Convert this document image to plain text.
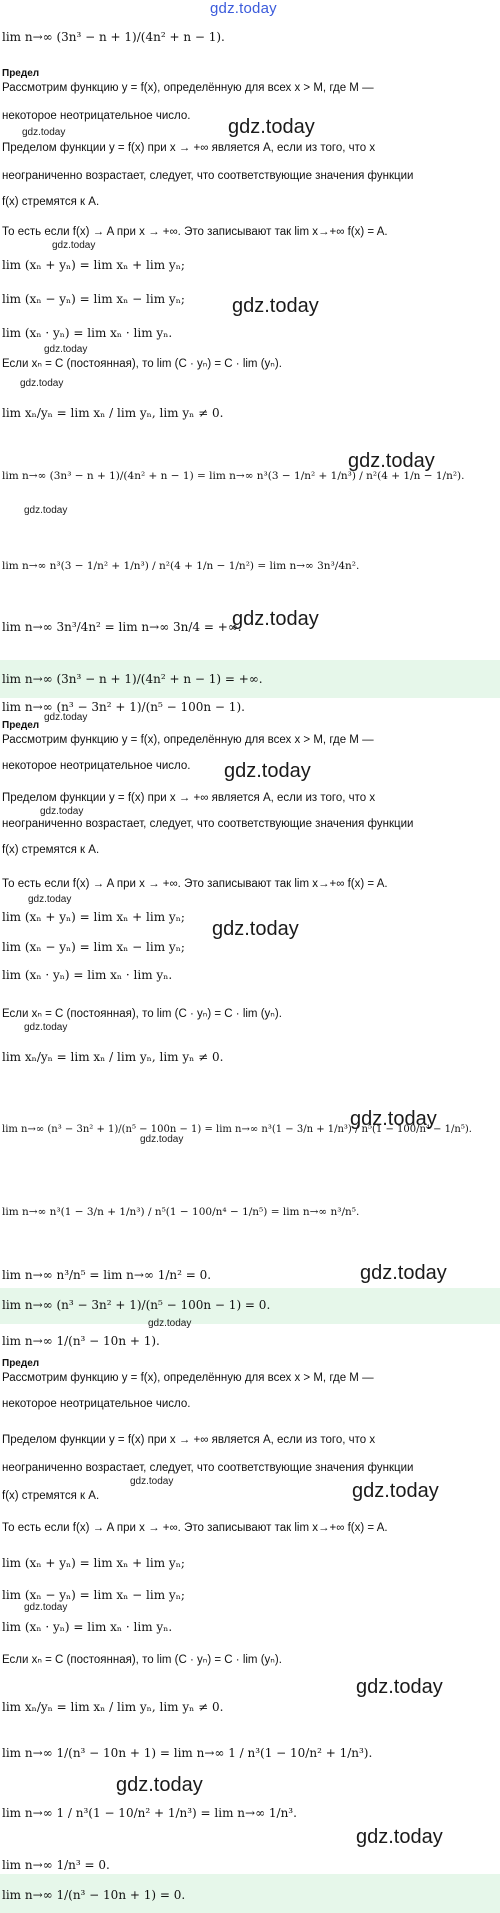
gdz.today
lim n→∞ (3n³ − n + 1)/(4n² + n − 1).
Предел
Рассмотрим функцию y = f(x), определённую для всех x > M, где M —
некоторое неотрицательное число.
Пределом функции y = f(x) при x → +∞ является A, если из того, что x
неограниченно возрастает, следует, что соответствующие значения функции
f(x) стремятся к A.
То есть если f(x) → A при x → +∞. Это записывают так lim x→+∞ f(x) = A.
lim (xₙ + yₙ) = lim xₙ + lim yₙ;
lim (xₙ − yₙ) = lim xₙ − lim yₙ;
lim (xₙ · yₙ) = lim xₙ · lim yₙ.
Если xₙ = C (постоянная), то lim (C · yₙ) = C · lim (yₙ).
lim xₙ/yₙ = lim xₙ / lim yₙ, lim yₙ ≠ 0.
lim n→∞ (3n³ − n + 1)/(4n² + n − 1) = lim n→∞ n³(3 − 1/n² + 1/n³) / n²(4 + 1/n − 1/n²).
lim n→∞ n³(3 − 1/n² + 1/n³) / n²(4 + 1/n − 1/n²) = lim n→∞ 3n³/4n².
lim n→∞ 3n³/4n² = lim n→∞ 3n/4 = +∞.
lim n→∞ (3n³ − n + 1)/(4n² + n − 1) = +∞.
lim n→∞ (n³ − 3n² + 1)/(n⁵ − 100n − 1).
Предел
Рассмотрим функцию y = f(x), определённую для всех x > M, где M —
некоторое неотрицательное число.
Пределом функции y = f(x) при x → +∞ является A, если из того, что x
неограниченно возрастает, следует, что соответствующие значения функции
f(x) стремятся к A.
То есть если f(x) → A при x → +∞. Это записывают так lim x→+∞ f(x) = A.
lim (xₙ + yₙ) = lim xₙ + lim yₙ;
lim (xₙ − yₙ) = lim xₙ − lim yₙ;
lim (xₙ · yₙ) = lim xₙ · lim yₙ.
Если xₙ = C (постоянная), то lim (C · yₙ) = C · lim (yₙ).
lim xₙ/yₙ = lim xₙ / lim yₙ, lim yₙ ≠ 0.
lim n→∞ (n³ − 3n² + 1)/(n⁵ − 100n − 1) = lim n→∞ n³(1 − 3/n + 1/n³) / n⁵(1 − 100/n⁴ − 1/n⁵).
lim n→∞ n³(1 − 3/n + 1/n³) / n⁵(1 − 100/n⁴ − 1/n⁵) = lim n→∞ n³/n⁵.
lim n→∞ n³/n⁵ = lim n→∞ 1/n² = 0.
lim n→∞ (n³ − 3n² + 1)/(n⁵ − 100n − 1) = 0.
lim n→∞ 1/(n³ − 10n + 1).
Предел
Рассмотрим функцию y = f(x), определённую для всех x > M, где M —
некоторое неотрицательное число.
Пределом функции y = f(x) при x → +∞ является A, если из того, что x
неограниченно возрастает, следует, что соответствующие значения функции
f(x) стремятся к A.
То есть если f(x) → A при x → +∞. Это записывают так lim x→+∞ f(x) = A.
lim (xₙ + yₙ) = lim xₙ + lim yₙ;
lim (xₙ − yₙ) = lim xₙ − lim yₙ;
lim (xₙ · yₙ) = lim xₙ · lim yₙ.
Если xₙ = C (постоянная), то lim (C · yₙ) = C · lim (yₙ).
lim xₙ/yₙ = lim xₙ / lim yₙ, lim yₙ ≠ 0.
lim n→∞ 1/(n³ − 10n + 1) = lim n→∞ 1 / n³(1 − 10/n² + 1/n³).
lim n→∞ 1 / n³(1 − 10/n² + 1/n³) = lim n→∞ 1/n³.
lim n→∞ 1/n³ = 0.
lim n→∞ 1/(n³ − 10n + 1) = 0.
gdz.today	gdz.today
gdz.today
gdz.today
gdz.today
gdz.today
gdz.today
gdz.today
gdz.today
gdz.today
gdz.today
gdz.today
gdz.today
gdz.today
gdz.today
gdz.today
gdz.today
gdz.today
gdz.today
gdz.today	gdz.today
gdz.today
gdz.today
gdz.today
gdz.today
